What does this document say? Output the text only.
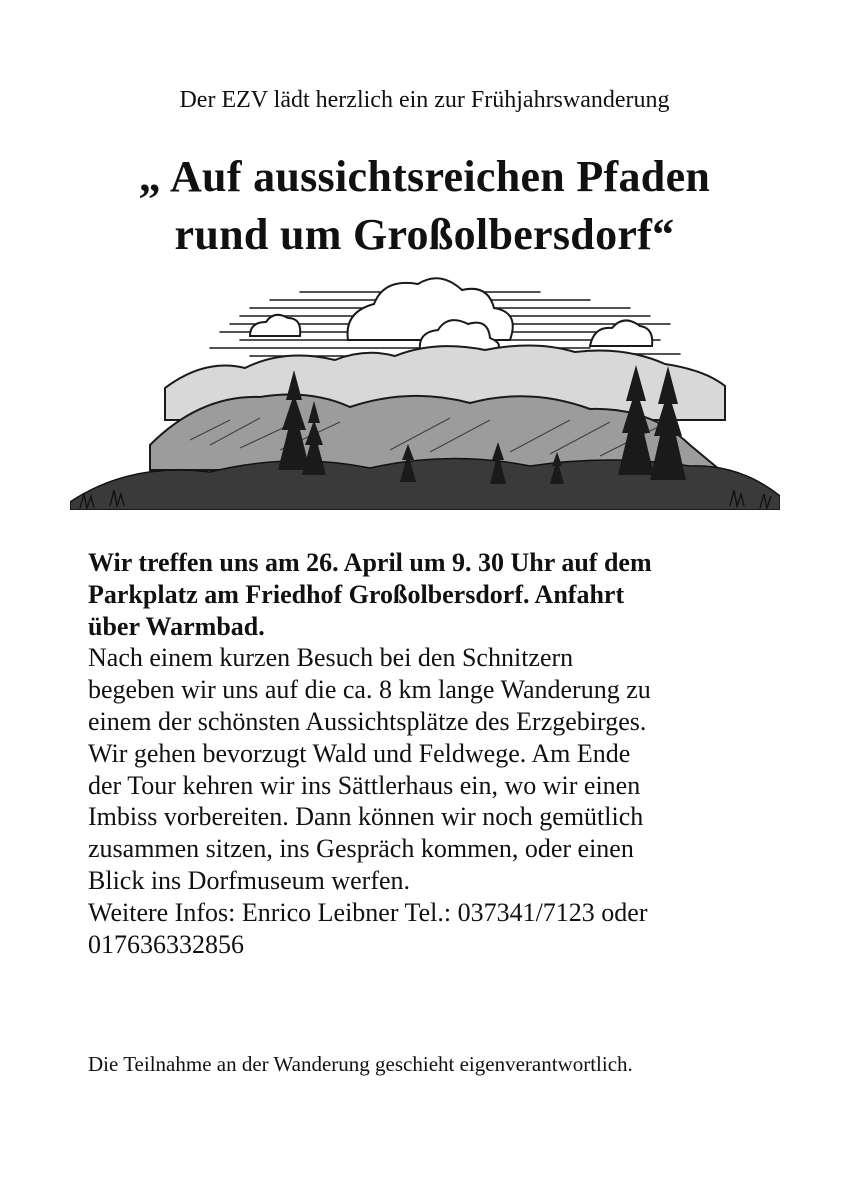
Der EZV lädt herzlich ein zur Frühjahrswanderung
„ Auf aussichtsreichen Pfaden
rund um Großolbersdorf“

Wir treffen uns am 26. April um 9. 30 Uhr auf dem

Parkplatz am Friedhof Großolbersdorf. Anfahrt

über Warmbad.

Nach einem kurzen Besuch bei den Schnitzern

begeben wir uns auf die ca. 8 km lange Wanderung zu

einem der schönsten Aussichtsplätze des Erzgebirges.

Wir gehen bevorzugt Wald und Feldwege. Am Ende

der Tour kehren wir ins Sättlerhaus ein, wo wir einen

Imbiss vorbereiten. Dann können wir noch gemütlich

zusammen sitzen, ins Gespräch kommen, oder einen

Blick ins Dorfmuseum werfen.

Weitere Infos: Enrico Leibner Tel.: 037341/7123 oder

017636332856

Die Teilnahme an der Wanderung geschieht eigenverantwortlich.
